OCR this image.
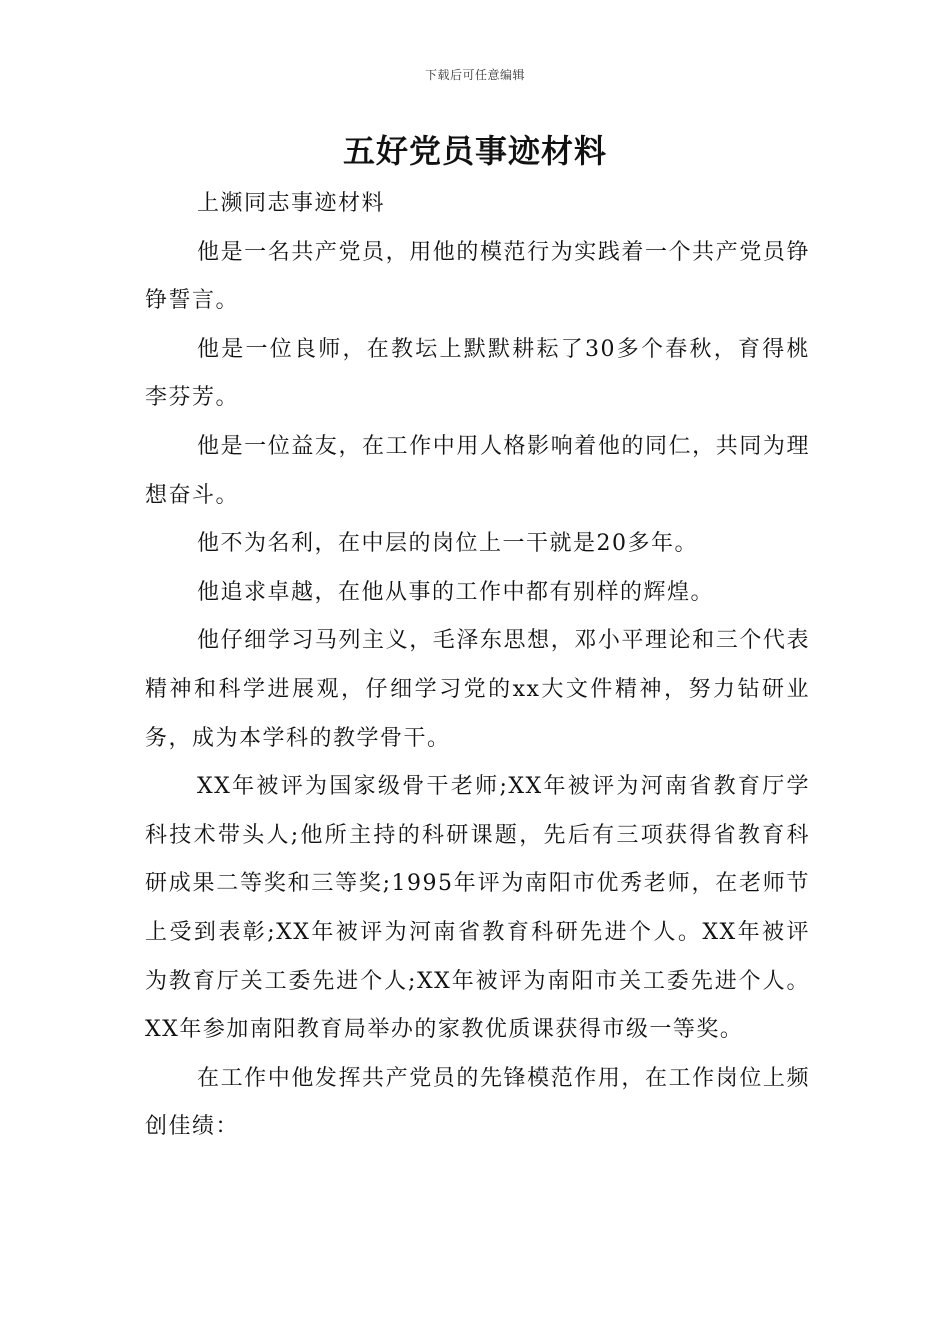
下载后可任意编辑
五好党员事迹材料

上濒同志事迹材料

他是一名共产党员，用他的模范行为实践着一个共产党员铮铮誓言。

他是一位良师，在教坛上默默耕耘了30多个春秋，育得桃李芬芳。

他是一位益友，在工作中用人格影响着他的同仁，共同为理想奋斗。

他不为名利，在中层的岗位上一干就是20多年。

他追求卓越，在他从事的工作中都有别样的辉煌。

他仔细学习马列主义，毛泽东思想，邓小平理论和三个代表精神和科学进展观，仔细学习党的xx大文件精神，努力钻研业务，成为本学科的教学骨干。

XX年被评为国家级骨干老师;XX年被评为河南省教育厅学科技术带头人;他所主持的科研课题，先后有三项获得省教育科研成果二等奖和三等奖;1995年评为南阳市优秀老师，在老师节上受到表彰;XX年被评为河南省教育科研先进个人。XX年被评为教育厅关工委先进个人;XX年被评为南阳市关工委先进个人。XX年参加南阳教育局举办的家教优质课获得市级一等奖。

在工作中他发挥共产党员的先锋模范作用，在工作岗位上频创佳绩：
